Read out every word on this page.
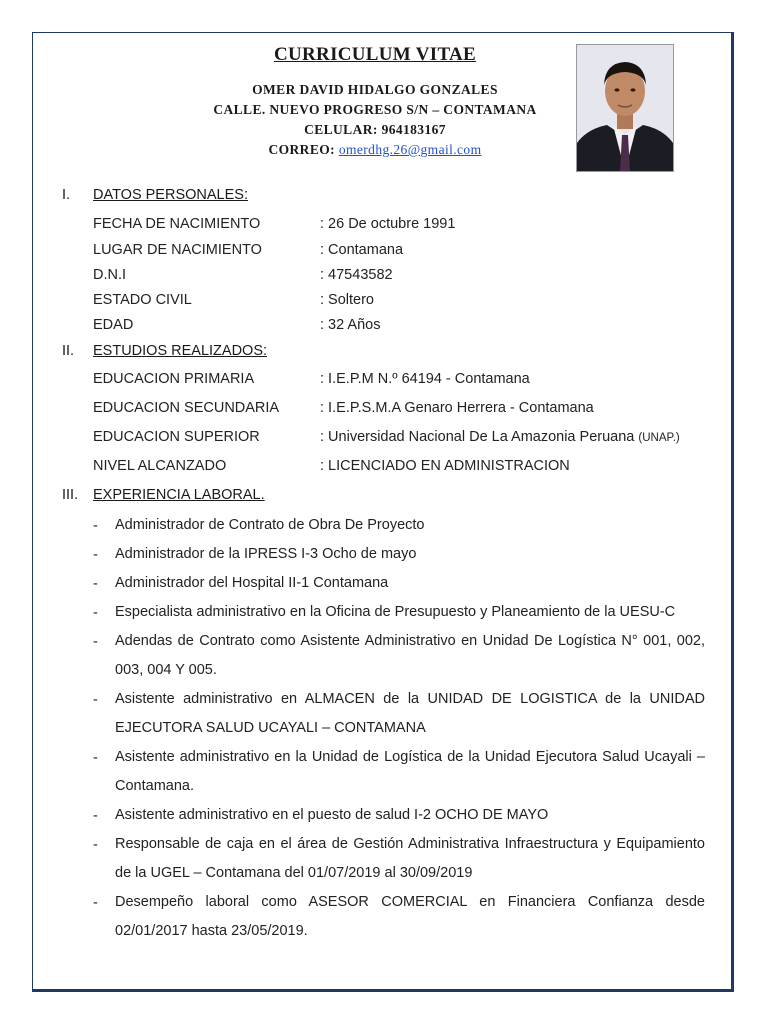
CURRICULUM VITAE
OMER DAVID HIDALGO GONZALES
CALLE. NUEVO PROGRESO S/N – CONTAMANA
CELULAR: 964183167
CORREO: omerdhg.26@gmail.com
I. DATOS PERSONALES:
FECHA DE NACIMIENTO	: 26 De octubre 1991
LUGAR DE NACIMIENTO	: Contamana
D.N.I	: 47543582
ESTADO CIVIL	: Soltero
EDAD	: 32 Años
II. ESTUDIOS REALIZADOS:
EDUCACION PRIMARIA	: I.E.P.M N.º 64194 - Contamana
EDUCACION SECUNDARIA	: I.E.P.S.M.A Genaro Herrera - Contamana
EDUCACION SUPERIOR	: Universidad Nacional De La Amazonia Peruana (UNAP.)
NIVEL ALCANZADO	: LICENCIADO EN ADMINISTRACION
III. EXPERIENCIA LABORAL.
- Administrador de Contrato de Obra De Proyecto
- Administrador de la IPRESS I-3 Ocho de mayo
- Administrador del Hospital II-1 Contamana
- Especialista administrativo en la Oficina de Presupuesto y Planeamiento de la UESU-C
- Adendas de Contrato como Asistente Administrativo en Unidad De Logística N° 001, 002, 003, 004 Y 005.
- Asistente administrativo en ALMACEN de la UNIDAD DE LOGISTICA de la UNIDAD EJECUTORA SALUD UCAYALI – CONTAMANA
- Asistente administrativo en la Unidad de Logística de la Unidad Ejecutora Salud Ucayali – Contamana.
- Asistente administrativo en el puesto de salud I-2 OCHO DE MAYO
- Responsable de caja en el área de Gestión Administrativa Infraestructura y Equipamiento de la UGEL – Contamana del 01/07/2019 al 30/09/2019
- Desempeño laboral como ASESOR COMERCIAL en Financiera Confianza desde 02/01/2017 hasta 23/05/2019.
